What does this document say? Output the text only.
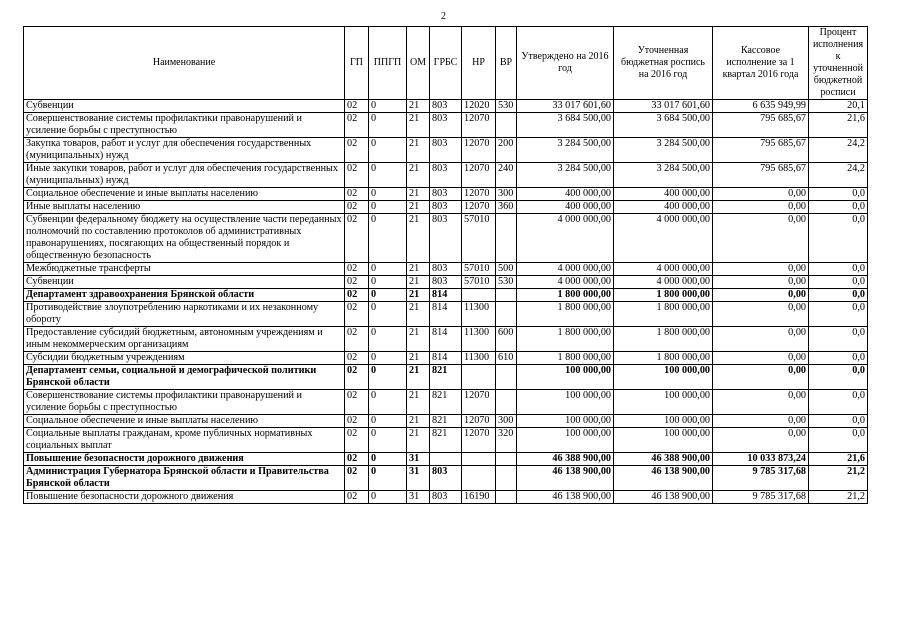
2
Наименование	ГП	ППГП	ОМ	ГРБС	НР	ВР	Утверждено на 2016 год	Уточненная бюджетная роспись на 2016 год	Кассовое исполнение за 1 квартал 2016 года	Процент исполнения к уточненной бюджетной росписи
Субвенции	02	0	21	803	12020	530	33 017 601,60	33 017 601,60	6 635 949,99	20,1
Совершенствование системы профилактики правонарушений и усиление борьбы с преступностью	02	0	21	803	12070		3 684 500,00	3 684 500,00	795 685,67	21,6
Закупка товаров, работ и услуг для обеспечения государственных (муниципальных) нужд	02	0	21	803	12070	200	3 284 500,00	3 284 500,00	795 685,67	24,2
Иные закупки товаров, работ и услуг для обеспечения государственных (муниципальных) нужд	02	0	21	803	12070	240	3 284 500,00	3 284 500,00	795 685,67	24,2
Социальное обеспечение и иные выплаты населению	02	0	21	803	12070	300	400 000,00	400 000,00	0,00	0,0
Иные выплаты населению	02	0	21	803	12070	360	400 000,00	400 000,00	0,00	0,0
Субвенции федеральному бюджету на осуществление части переданных полномочий по составлению протоколов об административных правонарушениях, посягающих на общественный порядок и общественную безопасность	02	0	21	803	57010		4 000 000,00	4 000 000,00	0,00	0,0
Межбюджетные трансферты	02	0	21	803	57010	500	4 000 000,00	4 000 000,00	0,00	0,0
Субвенции	02	0	21	803	57010	530	4 000 000,00	4 000 000,00	0,00	0,0
Департамент здравоохранения Брянской области	02	0	21	814			1 800 000,00	1 800 000,00	0,00	0,0
Противодействие злоупотреблению наркотиками и их незаконному обороту	02	0	21	814	11300		1 800 000,00	1 800 000,00	0,00	0,0
Предоставление субсидий бюджетным, автономным учреждениям и иным некоммерческим организациям	02	0	21	814	11300	600	1 800 000,00	1 800 000,00	0,00	0,0
Субсидии бюджетным учреждениям	02	0	21	814	11300	610	1 800 000,00	1 800 000,00	0,00	0,0
Департамент семьи, социальной и демографической политики Брянской области	02	0	21	821			100 000,00	100 000,00	0,00	0,0
Совершенствование системы профилактики правонарушений и усиление борьбы с преступностью	02	0	21	821	12070		100 000,00	100 000,00	0,00	0,0
Социальное обеспечение и иные выплаты населению	02	0	21	821	12070	300	100 000,00	100 000,00	0,00	0,0
Социальные выплаты гражданам, кроме публичных нормативных социальных выплат	02	0	21	821	12070	320	100 000,00	100 000,00	0,00	0,0
Повышение безопасности дорожного движения	02	0	31				46 388 900,00	46 388 900,00	10 033 873,24	21,6
Администрация Губернатора Брянской области и Правительства Брянской области	02	0	31	803			46 138 900,00	46 138 900,00	9 785 317,68	21,2
Повышение безопасности дорожного движения	02	0	31	803	16190		46 138 900,00	46 138 900,00	9 785 317,68	21,2
